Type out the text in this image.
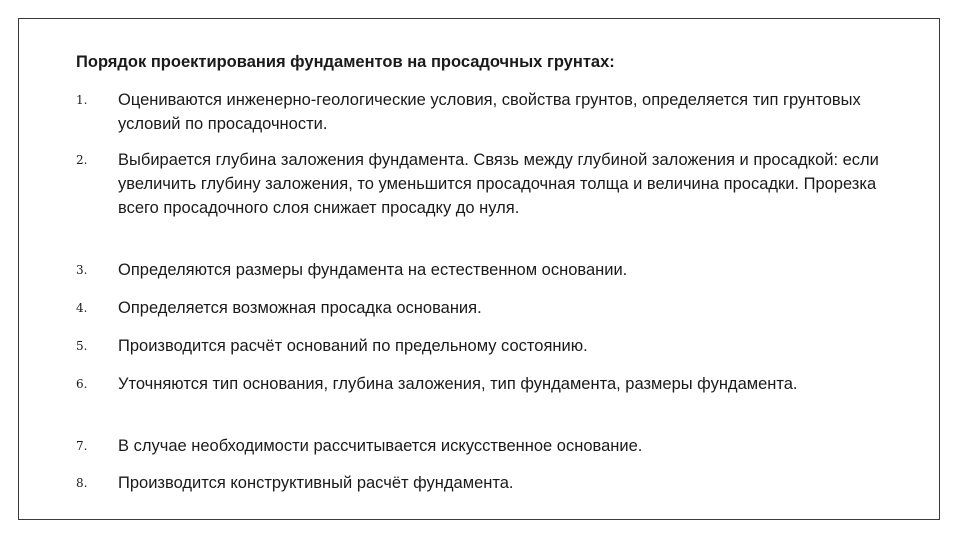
Порядок проектирования фундаментов на просадочных грунтах:
1.	Оцениваются инженерно-геологические условия, свойства грунтов, определяется тип грунтовых условий по просадочности.
2.	Выбирается глубина заложения фундамента. Связь между глубиной заложения и просадкой: если увеличить глубину заложения, то уменьшится просадочная толща и величина просадки. Прорезка всего просадочного слоя снижает просадку до нуля.
3.	Определяются размеры фундамента на естественном основании.
4.	Определяется возможная просадка основания.
5.	Производится расчёт оснований по предельному состоянию.
6.	Уточняются тип основания, глубина заложения, тип фундамента, размеры фундамента.
7.	В случае необходимости рассчитывается искусственное основание.
8.	Производится конструктивный расчёт фундамента.
